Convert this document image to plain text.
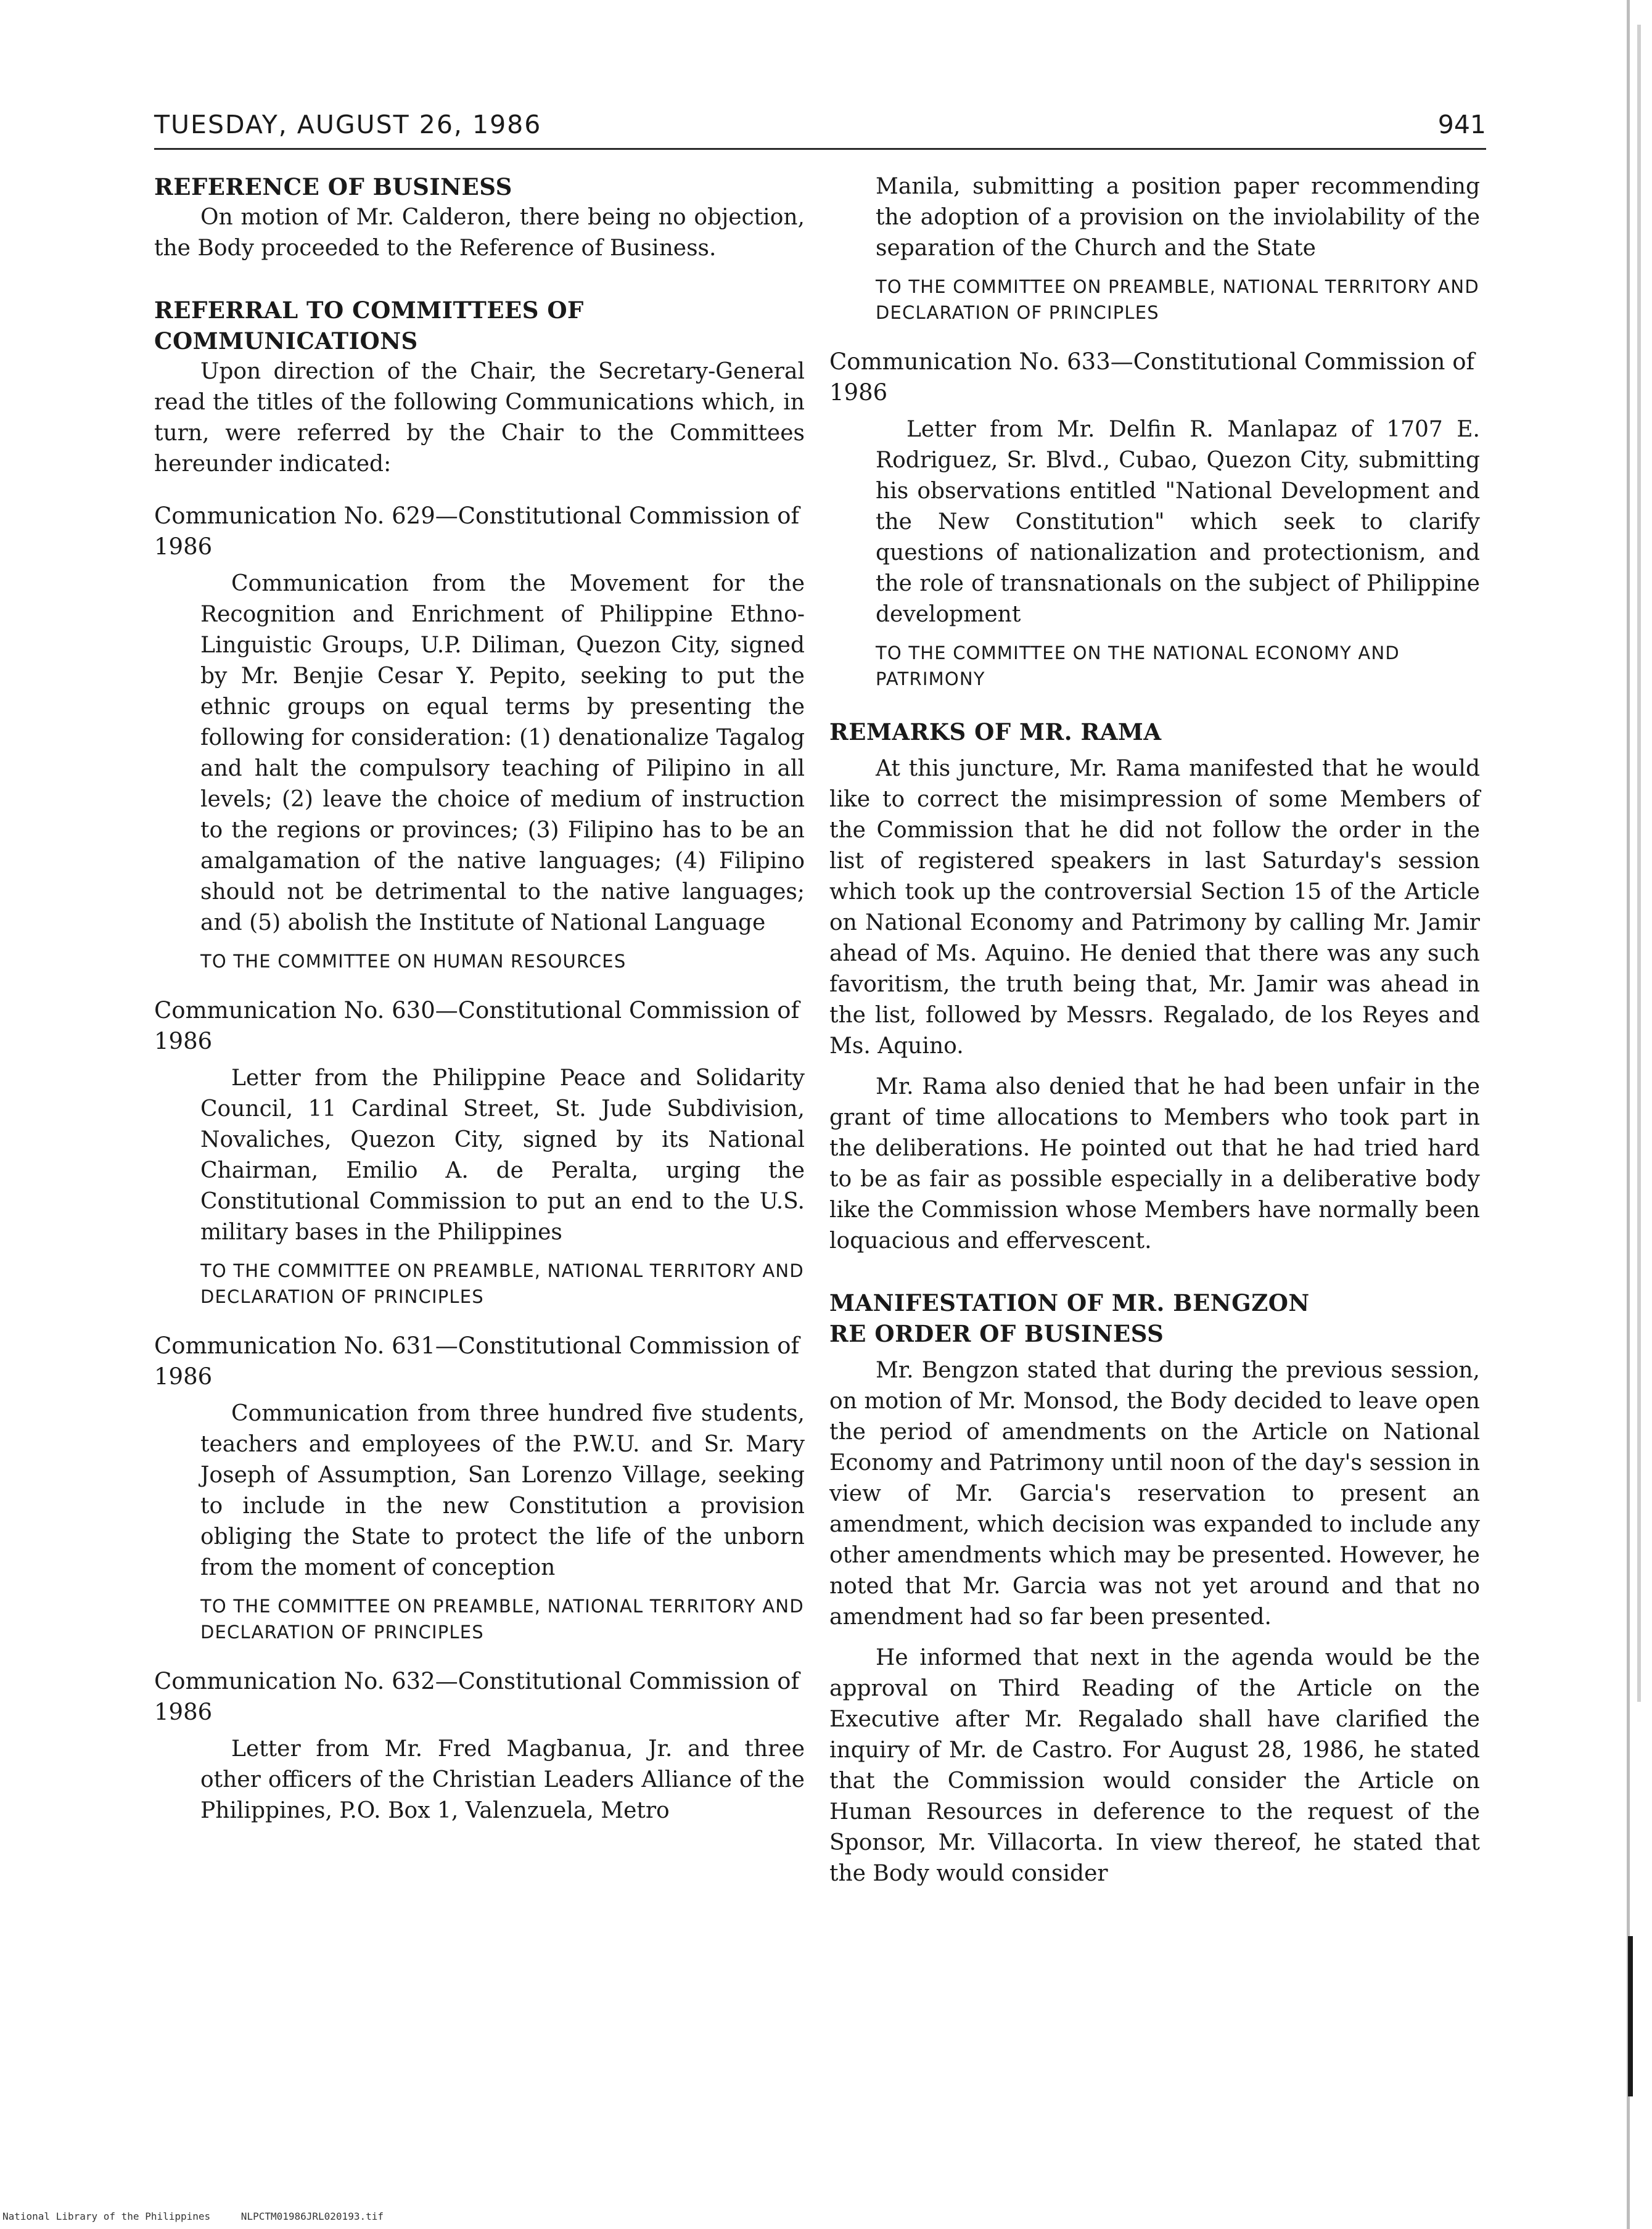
TUESDAY, AUGUST 26, 1986	941
REFERENCE OF BUSINESS

On motion of Mr. Calderon, there being no objection, the Body proceeded to the Reference of Business.

REFERRAL TO COMMITTEES OF
COMMUNICATIONS

Upon direction of the Chair, the Secretary-General read the titles of the following Communications which, in turn, were referred by the Chair to the Committees hereunder indicated:

Communication No. 629—Constitutional Commission of 1986

Communication from the Movement for the Recognition and Enrichment of Philippine Ethno-Linguistic Groups, U.P. Diliman, Quezon City, signed by Mr. Benjie Cesar Y. Pepito, seeking to put the ethnic groups on equal terms by presenting the following for consideration: (1) denationalize Tagalog and halt the compulsory teaching of Pilipino in all levels; (2) leave the choice of medium of instruction to the regions or provinces; (3) Filipino has to be an amalgamation of the native languages; (4) Filipino should not be detrimental to the native languages; and (5) abolish the Institute of National Language

TO THE COMMITTEE ON HUMAN RESOURCES
Communication No. 630—Constitutional Commission of 1986

Letter from the Philippine Peace and Solidarity Council, 11 Cardinal Street, St. Jude Subdivision, Novaliches, Quezon City, signed by its National Chairman, Emilio A. de Peralta, urging the Constitutional Commission to put an end to the U.S. military bases in the Philippines

TO THE COMMITTEE ON PREAMBLE, NATIONAL TERRITORY AND DECLARATION OF PRINCIPLES
Communication No. 631—Constitutional Commission of 1986

Communication from three hundred five students, teachers and employees of the P.W.U. and Sr. Mary Joseph of Assumption, San Lorenzo Village, seeking to include in the new Constitution a provision obliging the State to protect the life of the unborn from the moment of conception

TO THE COMMITTEE ON PREAMBLE, NATIONAL TERRITORY AND DECLARATION OF PRINCIPLES
Communication No. 632—Constitutional Commission of 1986

Letter from Mr. Fred Magbanua, Jr. and three other officers of the Christian Leaders Alliance of the Philippines, P.O. Box 1, Valenzuela, Metro

Manila, submitting a position paper recommending the adoption of a provision on the inviolability of the separation of the Church and the State

TO THE COMMITTEE ON PREAMBLE, NATIONAL TERRITORY AND DECLARATION OF PRINCIPLES
Communication No. 633—Constitutional Commission of 1986

Letter from Mr. Delfin R. Manlapaz of 1707 E. Rodriguez, Sr. Blvd., Cubao, Quezon City, submitting his observations entitled "National Development and the New Constitution" which seek to clarify questions of nationalization and protectionism, and the role of transnationals on the subject of Philippine development

TO THE COMMITTEE ON THE NATIONAL ECONOMY AND PATRIMONY
REMARKS OF MR. RAMA

At this juncture, Mr. Rama manifested that he would like to correct the misimpression of some Members of the Commission that he did not follow the order in the list of registered speakers in last Saturday's session which took up the controversial Section 15 of the Article on National Economy and Patrimony by calling Mr. Jamir ahead of Ms. Aquino. He denied that there was any such favoritism, the truth being that, Mr. Jamir was ahead in the list, followed by Messrs. Regalado, de los Reyes and Ms. Aquino.

Mr. Rama also denied that he had been unfair in the grant of time allocations to Members who took part in the deliberations. He pointed out that he had tried hard to be as fair as possible especially in a deliberative body like the Commission whose Members have normally been loquacious and effervescent.

MANIFESTATION OF MR. BENGZON
RE ORDER OF BUSINESS

Mr. Bengzon stated that during the previous session, on motion of Mr. Monsod, the Body decided to leave open the period of amendments on the Article on National Economy and Patrimony until noon of the day's session in view of Mr. Garcia's reservation to present an amendment, which decision was expanded to include any other amendments which may be presented. However, he noted that Mr. Garcia was not yet around and that no amendment had so far been presented.

He informed that next in the agenda would be the approval on Third Reading of the Article on the Executive after Mr. Regalado shall have clarified the inquiry of Mr. de Castro. For August 28, 1986, he stated that the Commission would consider the Article on Human Resources in deference to the request of the Sponsor, Mr. Villacorta. In view thereof, he stated that the Body would consider

National Library of the Philippines	NLPCTM01986JRL020193.tif
